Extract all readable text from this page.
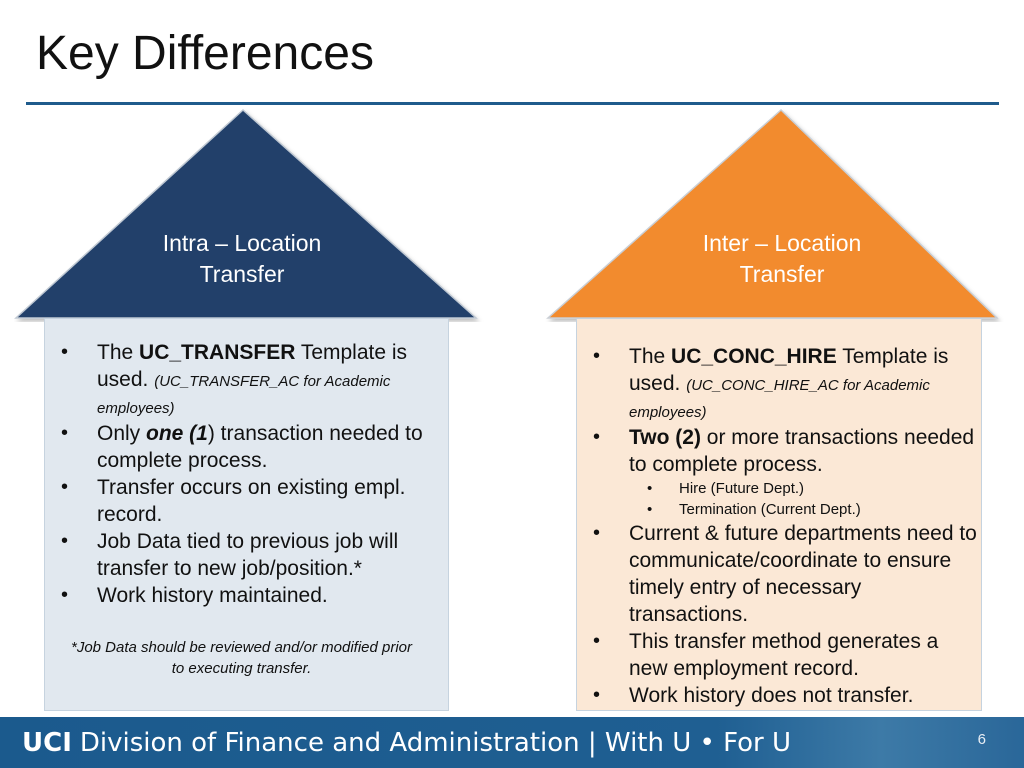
Key Differences
Intra – Location
Transfer
Inter – Location
Transfer
• The UC_TRANSFER Template is used. (UC_TRANSFER_AC for Academic employees)
• Only one (1) transaction needed to complete process.
• Transfer occurs on existing empl. record.
• Job Data tied to previous job will transfer to new job/position.*
• Work history maintained.
*Job Data should be reviewed and/or modified prior to executing transfer.
• The UC_CONC_HIRE Template is used. (UC_CONC_HIRE_AC for Academic employees)
• Two (2) or more transactions needed to complete process.
• Hire (Future Dept.)
• Termination (Current Dept.)
• Current & future departments need to communicate/coordinate to ensure timely entry of necessary transactions.
• This transfer method generates a new employment record.
• Work history does not transfer.
UCI Division of Finance and Administration | With U • For U	6
